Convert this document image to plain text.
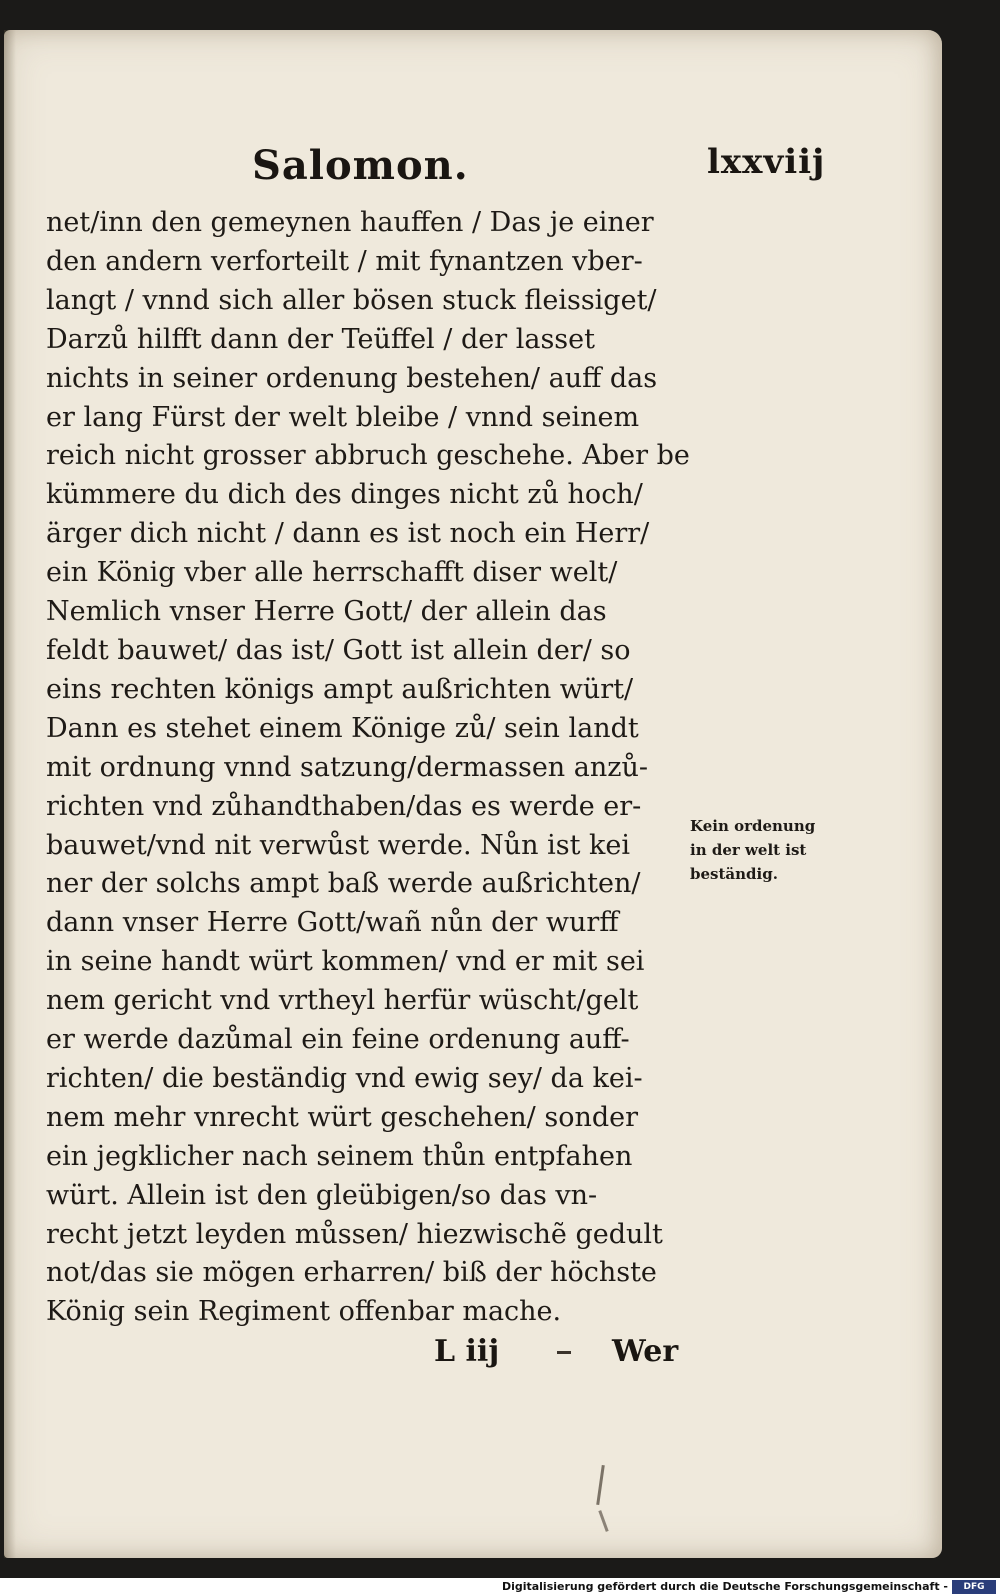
Salomon.	lxxviij
net/inn den gemeynen hauffen / Das je einer
den andern verforteilt / mit fynantzen vber-
langt / vnnd sich aller bösen stuck fleissiget/
Darzů hilfft dann der Teüffel / der lasset
nichts in seiner ordenung bestehen/ auff das
er lang Fürst der welt bleibe / vnnd seinem
reich nicht grosser abbruch geschehe. Aber be
kümmere du dich des dinges nicht zů hoch/
ärger dich nicht / dann es ist noch ein Herr/
ein König vber alle herrschafft diser welt/
Nemlich vnser Herre Gott/ der allein das
feldt bauwet/ das ist/ Gott ist allein der/ so
eins rechten königs ampt außrichten würt/
Dann es stehet einem Könige zů/ sein landt
mit ordnung vnnd satzung/dermassen anzů-
richten vnd zůhandthaben/das es werde er-
bauwet/vnd nit verwůst werde. Nůn ist kei
ner der solchs ampt baß werde außrichten/
dann vnser Herre Gott/wañ nůn der wurff
in seine handt würt kommen/ vnd er mit sei
nem gericht vnd vrtheyl herfür wüscht/gelt
er werde dazůmal ein feine ordenung auff-
richten/ die beständig vnd ewig sey/ da kei-
nem mehr vnrecht würt geschehen/ sonder
ein jegklicher nach seinem thůn entpfahen
würt. Allein ist den gleübigen/so das vn-
recht jetzt leyden můssen/ hiezwischẽ gedult
not/das sie mögen erharren/ biß der höchste
König sein Regiment offenbar mache.
Kein ordenung
in der welt ist
beständig.
L iij	Wer
Digitalisierung gefördert durch die Deutsche Forschungsgemeinschaft -	DFG
